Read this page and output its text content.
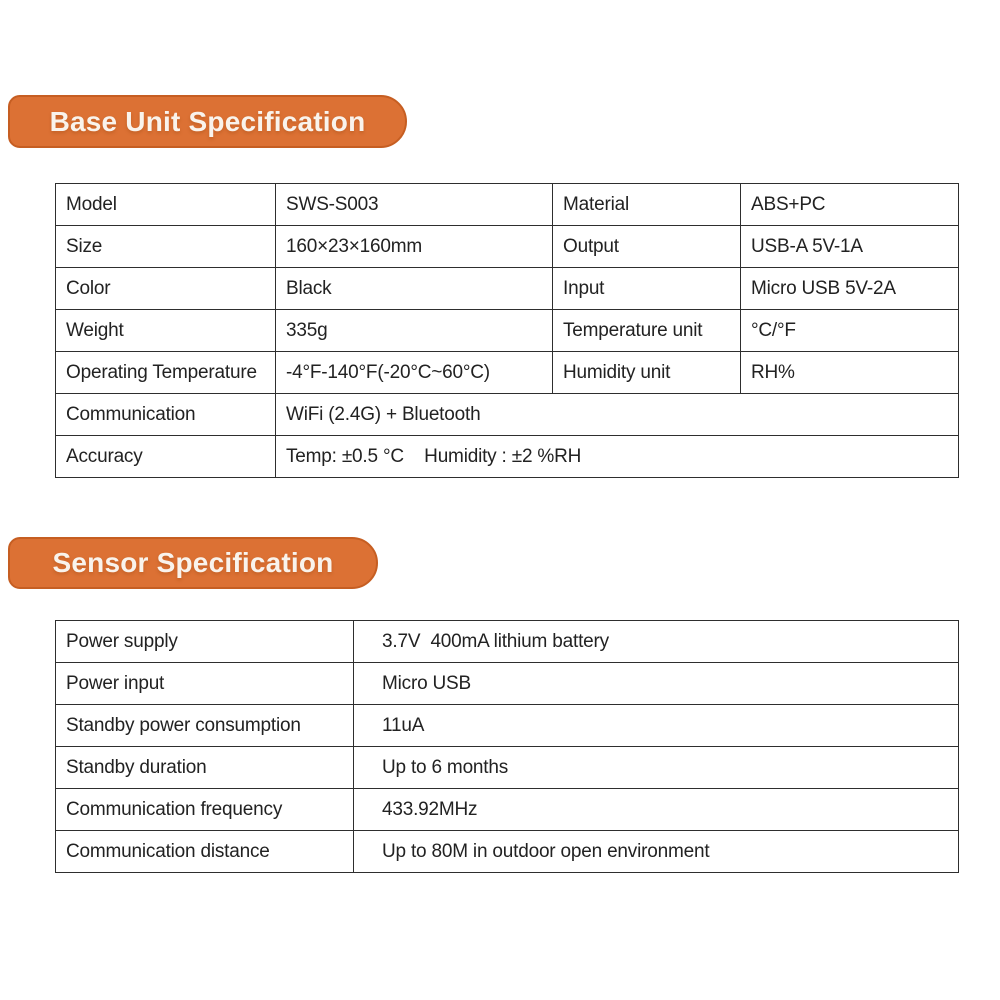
Base Unit Specification
Model	SWS-S003	Material	ABS+PC
Size	160×23×160mm	Output	USB-A 5V-1A
Color	Black	Input	Micro USB 5V-2A
Weight	335g	Temperature unit	°C/°F
Operating Temperature	-4°F-140°F(-20°C~60°C)	Humidity unit	RH%
Communication	WiFi (2.4G) + Bluetooth		
Accuracy	Temp: ±0.5 °C    Humidity : ±2 %RH		
Sensor Specification
Power supply	3.7V  400mA lithium battery
Power input	Micro USB
Standby power consumption	11uA
Standby duration	Up to 6 months
Communication frequency	433.92MHz
Communication distance	Up to 80M in outdoor open environment
